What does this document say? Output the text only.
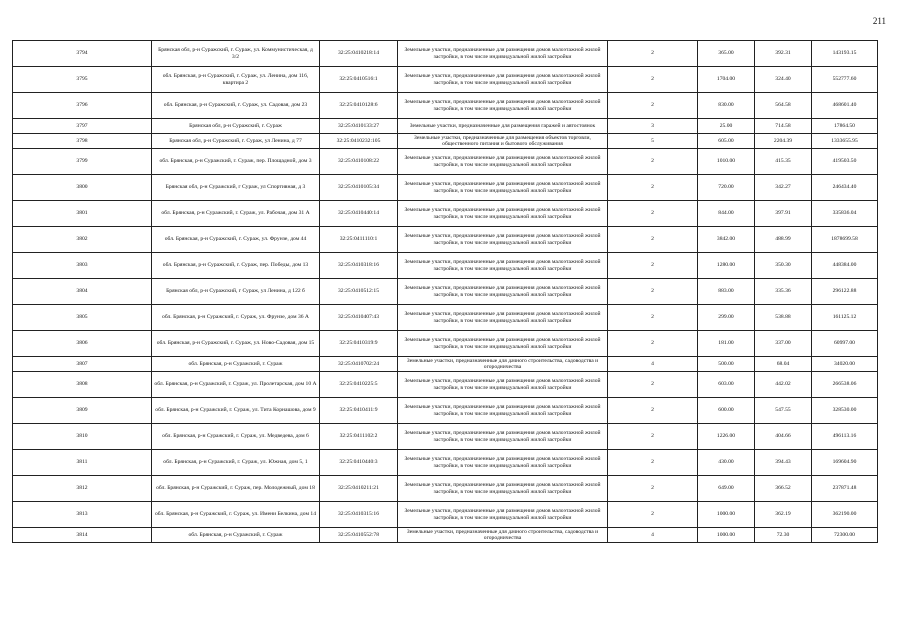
211
3794	Брянская обл, р-н Суражский, г. Сураж, ул. Коммунистическая, д 3/2	32:25:0410218:14	Земельные участки, предназначенные для размещения домов малоэтажной жилой застройки, в том числе индивидуальной жилой застройки	2	365.00	392.31	143193.15
3795	обл. Брянская, р-н Суражский, г. Сураж, ул. Ленина, дом 116, квартира 2	32:25:0410516:1	Земельные участки, предназначенные для размещения домов малоэтажной жилой застройки, в том числе индивидуальной жилой застройки	2	1704.00	324.40	552777.60
3796	обл. Брянская, р-н Суражский, г. Сураж, ул. Садовая, дом 23	32:25:0410128:6	Земельные участки, предназначенные для размещения домов малоэтажной жилой застройки, в том числе индивидуальной жилой застройки	2	830.00	564.58	468601.40
3797	Брянская обл, р-н Суражский, г. Сураж	32:25:0410133:27	Земельные участки, предназначенные для размещения гаражей и автостоянок	3	25.00	714.58	17864.50
3798	Брянская обл, р-н Суражский, г. Сураж, ул Ленина, д 77	32:25:0410232:105	Земельные участки, предназначенные для размещения объектов торговли, общественного питания и бытового обслуживания	5	605.00	2204.39	1333655.95
3799	обл. Брянская, р-н Суражский, г. Сураж, пер. Площадной, дом 3	32:25:0410108:22	Земельные участки, предназначенные для размещения домов малоэтажной жилой застройки, в том числе индивидуальной жилой застройки	2	1010.00	415.35	419503.50
3800	Брянская обл, р-н Суражский, г Сураж, ул Спортивная, д 3	32:25:0410105:34	Земельные участки, предназначенные для размещения домов малоэтажной жилой застройки, в том числе индивидуальной жилой застройки	2	720.00	342.27	246434.40
3801	обл. Брянская, р-н Суражский, г. Сураж, ул. Рабочая, дом 31 А	32:25:0410440:14	Земельные участки, предназначенные для размещения домов малоэтажной жилой застройки, в том числе индивидуальной жилой застройки	2	844.00	397.91	335836.04
3802	обл. Брянская, р-н Суражский, г. Сураж, ул. Фрунзе, дом 44	32:25:0411110:1	Земельные участки, предназначенные для размещения домов малоэтажной жилой застройки, в том числе индивидуальной жилой застройки	2	3842.00	488.99	1878699.58
3803	обл. Брянская, р-н Суражский, г. Сураж, пер. Победы, дом 13	32:25:0410318:16	Земельные участки, предназначенные для размещения домов малоэтажной жилой застройки, в том числе индивидуальной жилой застройки	2	1280.00	350.30	448384.00
3804	Брянская обл, р-н Суражский, г Сураж, ул Ленина, д 122 б	32:25:0410512:15	Земельные участки, предназначенные для размещения домов малоэтажной жилой застройки, в том числе индивидуальной жилой застройки	2	883.00	335.36	296122.88
3805	обл. Брянская, р-н Суражский, г. Сураж, ул. Фрунзе, дом 36 А	32:25:0410407:43	Земельные участки, предназначенные для размещения домов малоэтажной жилой застройки, в том числе индивидуальной жилой застройки	2	299.00	538.88	161125.12
3806	обл. Брянская, р-н Суражский, г. Сураж, ул. Ново-Садовая, дом 15	32:25:0410319:9	Земельные участки, предназначенные для размещения домов малоэтажной жилой застройки, в том числе индивидуальной жилой застройки	2	181.00	337.00	60997.00
3807	обл. Брянская, р-н Суражский, г. Сураж	32:25:0410702:24	Земельные участки, предназначенные для дачного строительства, садоводства и огородничества	4	500.00	68.04	34020.00
3808	обл. Брянская, р-н Суражский, г. Сураж, ул. Пролетарская, дом 10 А	32:25:0410225:5	Земельные участки, предназначенные для размещения домов малоэтажной жилой застройки, в том числе индивидуальной жилой застройки	2	603.00	442.02	266538.06
3809	обл. Брянская, р-н Суражский, г. Сураж, ул. Тита Корнашова, дом 9	32:25:0410411:9	Земельные участки, предназначенные для размещения домов малоэтажной жилой застройки, в том числе индивидуальной жилой застройки	2	600.00	547.55	328530.00
3810	обл. Брянская, р-н Суражский, г. Сураж, ул. Медведева, дом 6	32:25:0411102:2	Земельные участки, предназначенные для размещения домов малоэтажной жилой застройки, в том числе индивидуальной жилой застройки	2	1226.00	404.66	496113.16
3811	обл. Брянская, р-н Суражский, г. Сураж, ул. Южная, дом 5, 1	32:25:0410440:3	Земельные участки, предназначенные для размещения домов малоэтажной жилой застройки, в том числе индивидуальной жилой застройки	2	430.00	394.43	169604.90
3812	обл. Брянская, р-н Суражский, г. Сураж, пер. Молодежный, дом 18	32:25:0410211:21	Земельные участки, предназначенные для размещения домов малоэтажной жилой застройки, в том числе индивидуальной жилой застройки	2	649.00	366.52	237871.48
3813	обл. Брянская, р-н Суражский, г. Сураж, ул. Имени Белкина, дом 14	32:25:0410315:16	Земельные участки, предназначенные для размещения домов малоэтажной жилой застройки, в том числе индивидуальной жилой застройки	2	1000.00	362.19	362190.00
3814	обл. Брянская, р-н Суражский, г. Сураж	32:25:0410552:78	Земельные участки, предназначенные для дачного строительства, садоводства и огородничества	4	1000.00	72.30	72300.00
